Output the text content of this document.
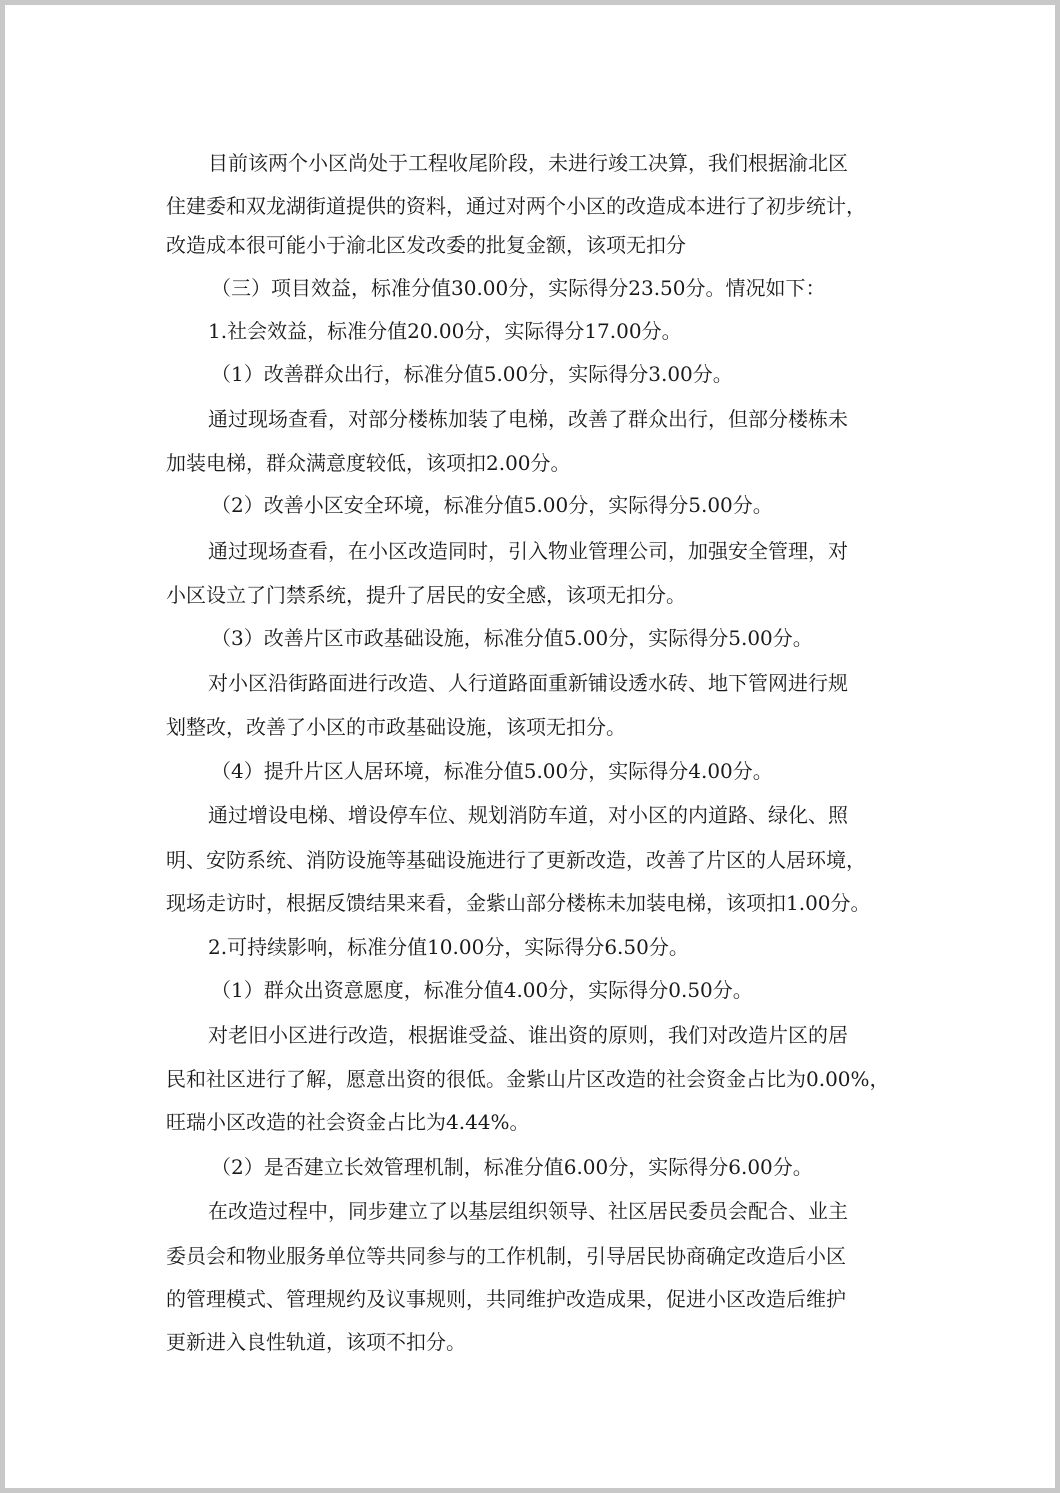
目前该两个小区尚处于工程收尾阶段，未进行竣工决算，我们根据渝北区
住建委和双龙湖街道提供的资料，通过对两个小区的改造成本进行了初步统计，
改造成本很可能小于渝北区发改委的批复金额，该项无扣分
（三）项目效益，标准分值30.00分，实际得分23.50分。情况如下：
1.社会效益，标准分值20.00分，实际得分17.00分。
（1）改善群众出行，标准分值5.00分，实际得分3.00分。
通过现场查看，对部分楼栋加装了电梯，改善了群众出行，但部分楼栋未
加装电梯，群众满意度较低，该项扣2.00分。
（2）改善小区安全环境，标准分值5.00分，实际得分5.00分。
通过现场查看，在小区改造同时，引入物业管理公司，加强安全管理，对
小区设立了门禁系统，提升了居民的安全感，该项无扣分。
（3）改善片区市政基础设施，标准分值5.00分，实际得分5.00分。
对小区沿街路面进行改造、人行道路面重新铺设透水砖、地下管网进行规
划整改，改善了小区的市政基础设施，该项无扣分。
（4）提升片区人居环境，标准分值5.00分，实际得分4.00分。
通过增设电梯、增设停车位、规划消防车道，对小区的内道路、绿化、照
明、安防系统、消防设施等基础设施进行了更新改造，改善了片区的人居环境，
现场走访时，根据反馈结果来看，金紫山部分楼栋未加装电梯，该项扣1.00分。
2.可持续影响，标准分值10.00分，实际得分6.50分。
（1）群众出资意愿度，标准分值4.00分，实际得分0.50分。
对老旧小区进行改造，根据谁受益、谁出资的原则，我们对改造片区的居
民和社区进行了解，愿意出资的很低。金紫山片区改造的社会资金占比为0.00%，
旺瑞小区改造的社会资金占比为4.44%。
（2）是否建立长效管理机制，标准分值6.00分，实际得分6.00分。
在改造过程中，同步建立了以基层组织领导、社区居民委员会配合、业主
委员会和物业服务单位等共同参与的工作机制，引导居民协商确定改造后小区
的管理模式、管理规约及议事规则，共同维护改造成果，促进小区改造后维护
更新进入良性轨道，该项不扣分。
